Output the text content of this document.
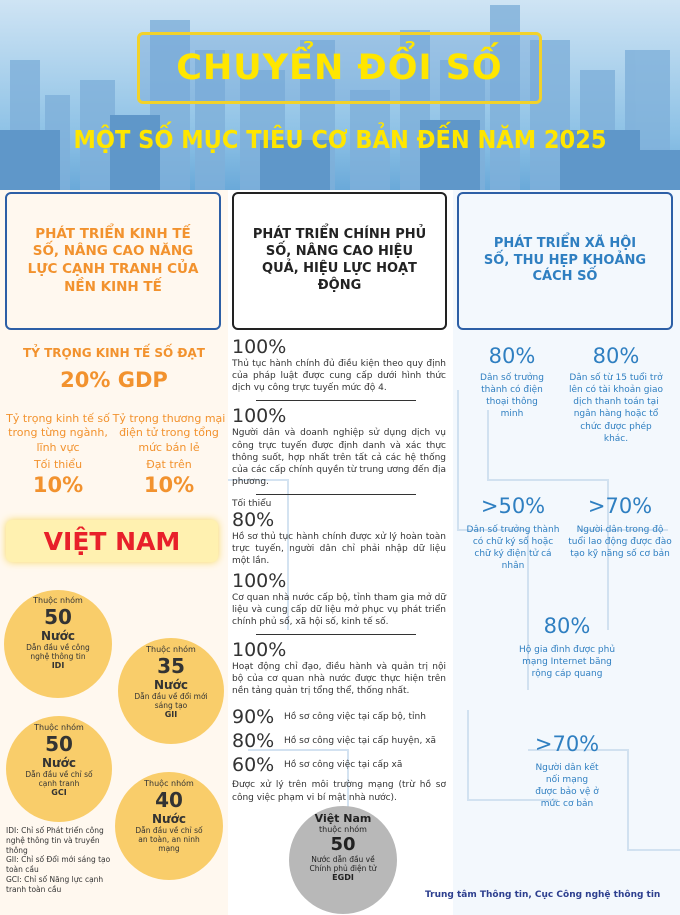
CHUYỂN ĐỔI SỐ
MỘT SỐ MỤC TIÊU CƠ BẢN ĐẾN NĂM 2025
PHÁT TRIỂN KINH TẾ SỐ, NÂNG CAO NĂNG LỰC CẠNH TRANH CỦA NỀN KINH TẾ
TỶ TRỌNG KINH TẾ SỐ ĐẠT
20% GDP
Tỷ trọng kinh tế số trong từng ngành, lĩnh vực
Tối thiểu
10%
Tỷ trọng thương mại điện tử trong tổng mức bán lẻ
Đạt trên
10%
VIỆT NAM
Thuộc nhóm
50
Nước
Dẫn đầu về công nghệ thông tin
IDI
Thuộc nhóm
35
Nước
Dẫn đầu về đổi mới sáng tạo
GII
Thuộc nhóm
50
Nước
Dẫn đầu về chỉ số cạnh tranh
GCI
Thuộc nhóm
40
Nước
Dẫn đầu về chỉ số an toàn, an ninh mạng
IDI: Chỉ số Phát triển công nghệ thông tin và truyền thông
GII: Chỉ số Đổi mới sáng tạo toàn cầu
GCI: Chỉ số Năng lực cạnh tranh toàn cầu
PHÁT TRIỂN CHÍNH PHỦ SỐ, NÂNG CAO HIỆU QUẢ, HIỆU LỰC HOẠT ĐỘNG
100%
Thủ tục hành chính đủ điều kiện theo quy định của pháp luật được cung cấp dưới hình thức dịch vụ công trực tuyến mức độ 4.
100%
Người dân và doanh nghiệp sử dụng dịch vụ công trực tuyến được định danh và xác thực thông suốt, hợp nhất trên tất cả các hệ thống của các cấp chính quyền từ trung ương đến địa phương.
Tối thiểu
80%
Hồ sơ thủ tục hành chính được xử lý hoàn toàn trực tuyến, người dân chỉ phải nhập dữ liệu một lần.
100%
Cơ quan nhà nước cấp bộ, tỉnh tham gia mở dữ liệu và cung cấp dữ liệu mở phục vụ phát triển chính phủ số, xã hội số, kinh tế số.
100%
Hoạt động chỉ đạo, điều hành và quản trị nội bộ của cơ quan nhà nước được thực hiện trên nền tảng quản trị tổng thể, thống nhất.
90%	Hồ sơ công việc tại cấp bộ, tỉnh
80%	Hồ sơ công việc tại cấp huyện, xã
60%	Hồ sơ công việc tại cấp xã
Được xử lý trên môi trường mạng (trừ hồ sơ công việc phạm vi bí mật nhà nước).
Việt Nam
thuộc nhóm
50
Nước dẫn đầu về Chính phủ điện tử
EGDI
PHÁT TRIỂN XÃ HỘI SỐ, THU HẸP KHOẢNG CÁCH SỐ
80%
Dân số trưởng thành có điện thoại thông minh
80%
Dân số từ 15 tuổi trở lên có tài khoản giao dịch thanh toán tại ngân hàng hoặc tổ chức được phép khác.
>50%
Dân số trưởng thành có chữ ký số hoặc chữ ký điện tử cá nhân
>70%
Người dân trong độ tuổi lao động được đào tạo kỹ năng số cơ bản
80%
Hộ gia đình được phủ mạng Internet băng rộng cáp quang
>70%
Người dân kết nối mạng được bảo vệ ở mức cơ bản
Trung tâm Thông tin, Cục Công nghệ thông tin
